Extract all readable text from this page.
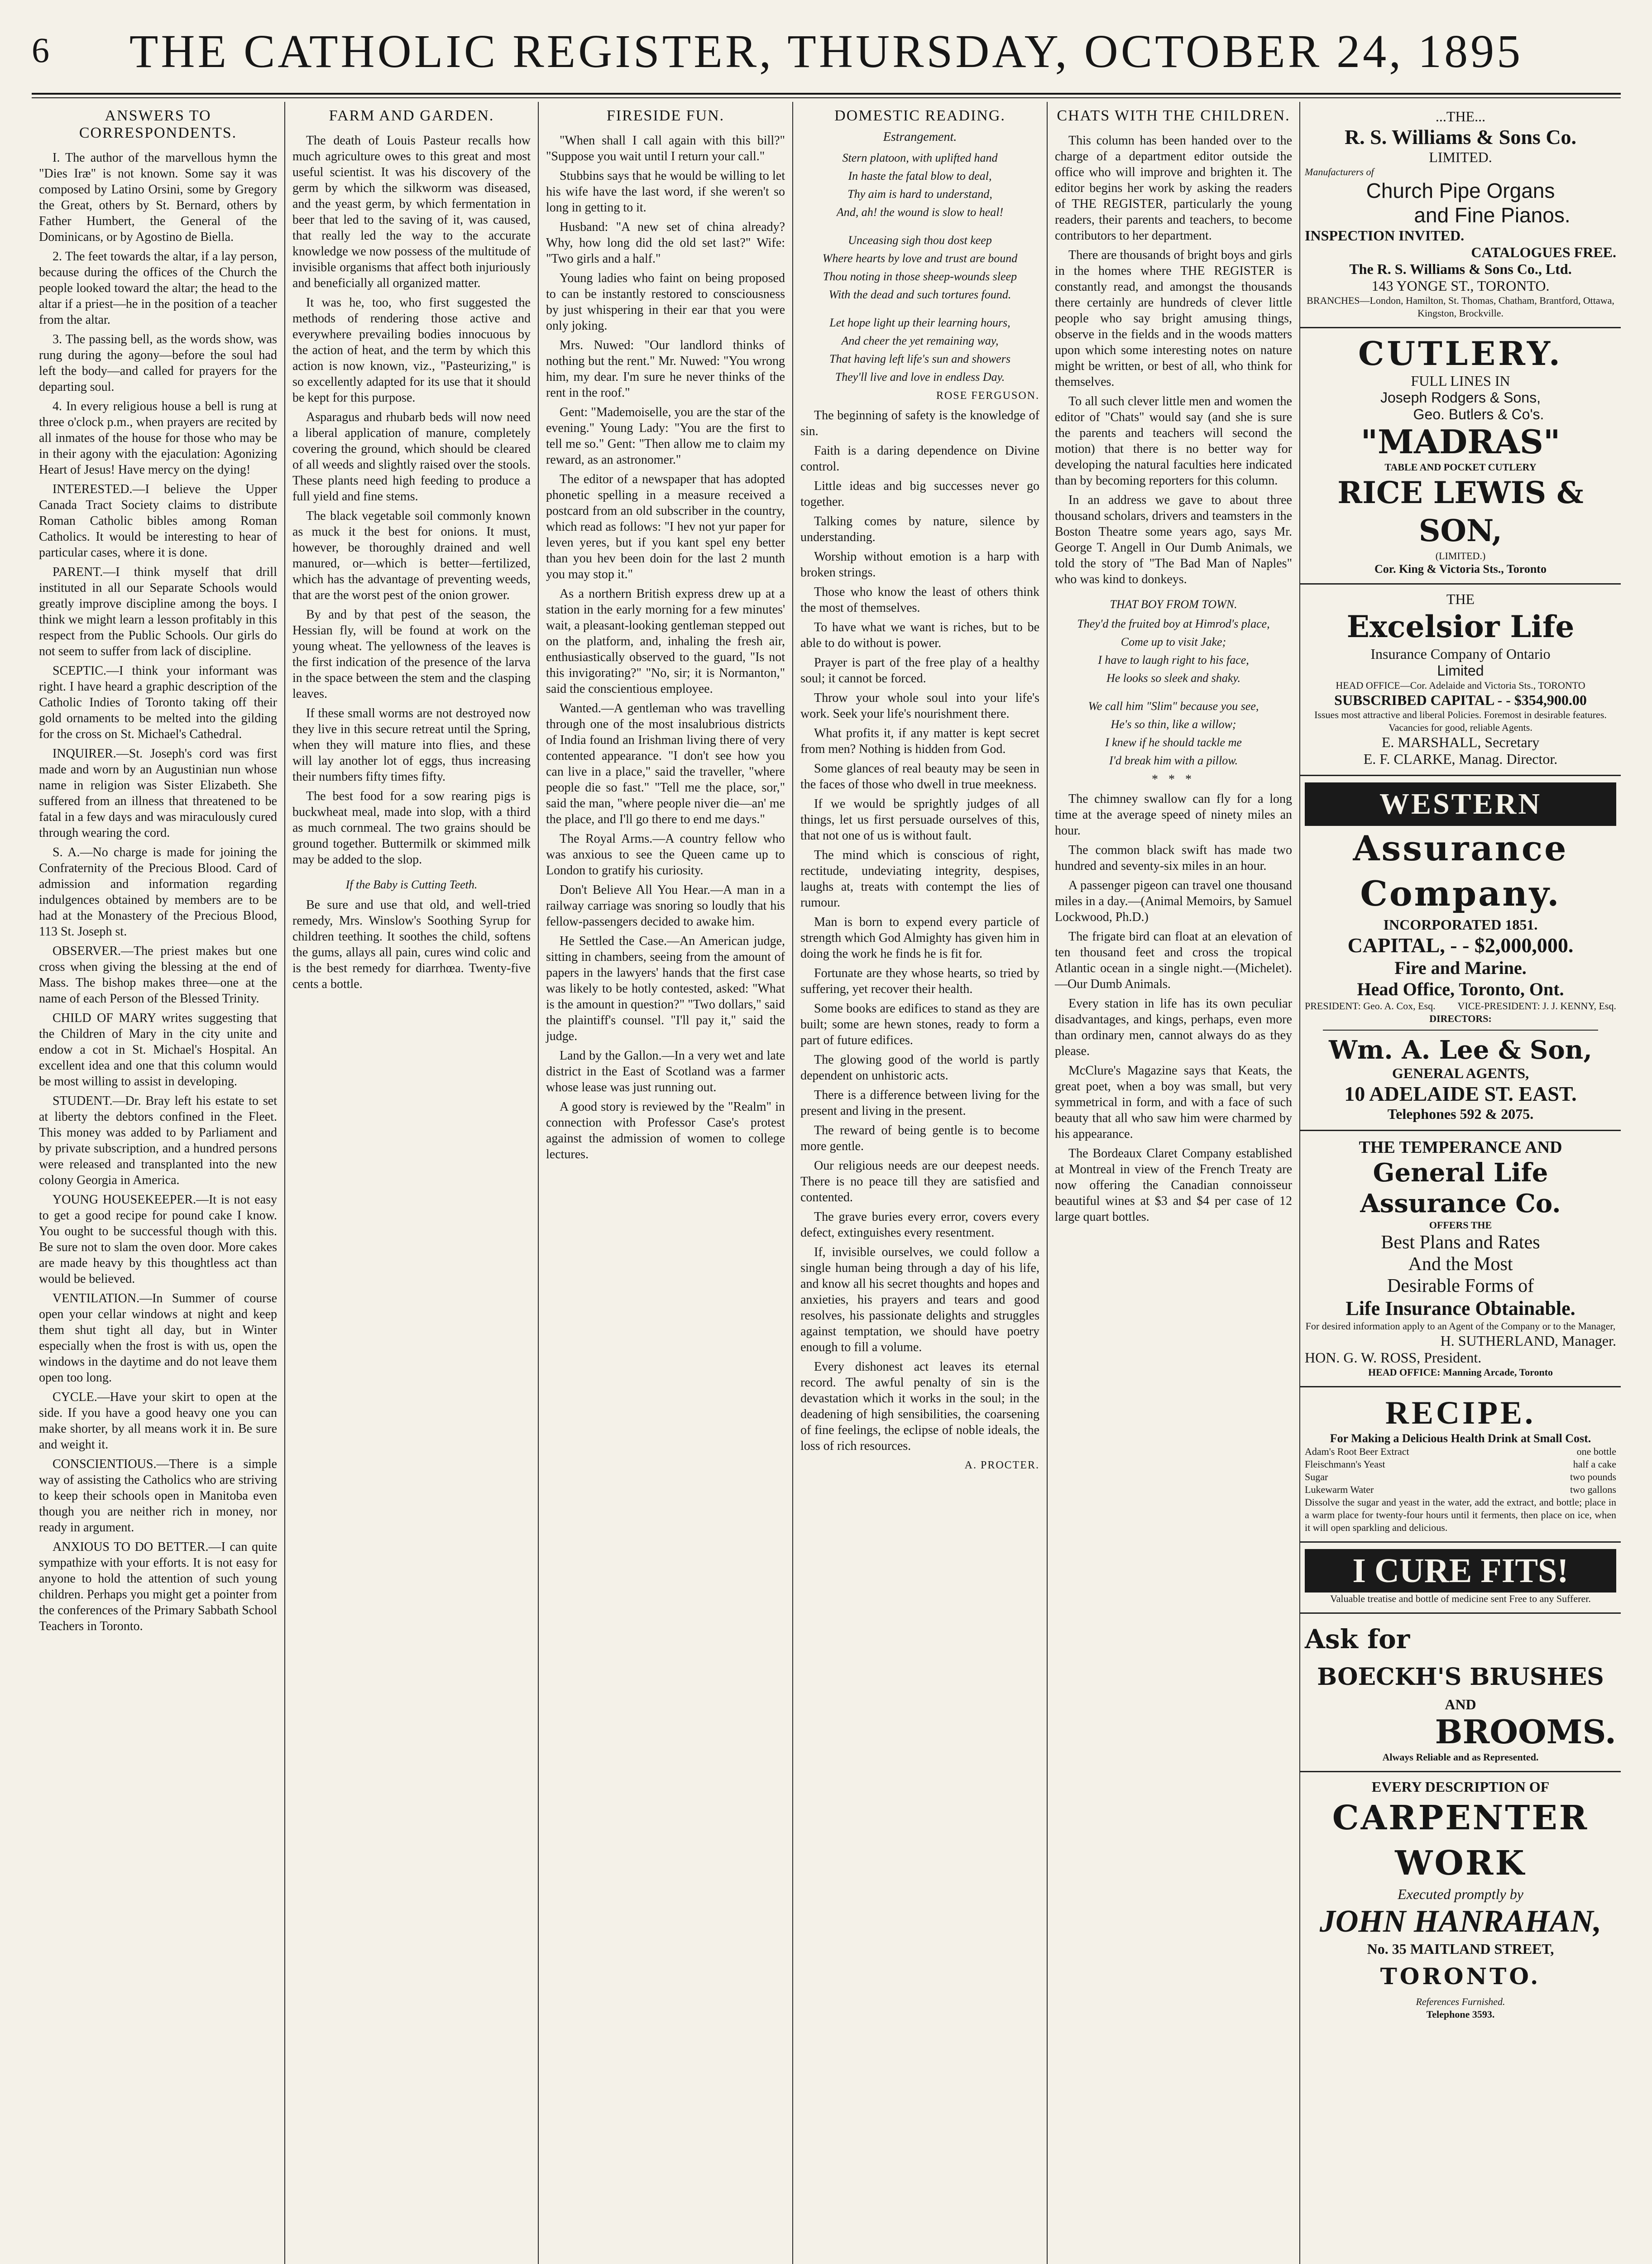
6	THE CATHOLIC REGISTER, THURSDAY, OCTOBER 24, 1895
ANSWERS TO CORRESPONDENTS.

I. The author of the marvellous hymn the "Dies Iræ" is not known. Some say it was composed by Latino Orsini, some by Gregory the Great, others by St. Bernard, others by Father Humbert, the General of the Dominicans, or by Agostino de Biella.

2. The feet towards the altar, if a lay person, because during the offices of the Church the people looked toward the altar; the head to the altar if a priest—he in the position of a teacher from the altar.

3. The passing bell, as the words show, was rung during the agony—before the soul had left the body—and called for prayers for the departing soul.

4. In every religious house a bell is rung at three o'clock p.m., when prayers are recited by all inmates of the house for those who may be in their agony with the ejaculation: Agonizing Heart of Jesus! Have mercy on the dying!

INTERESTED.—I believe the Upper Canada Tract Society claims to distribute Roman Catholic bibles among Roman Catholics. It would be interesting to hear of particular cases, where it is done.

PARENT.—I think myself that drill instituted in all our Separate Schools would greatly improve discipline among the boys. I think we might learn a lesson profitably in this respect from the Public Schools. Our girls do not seem to suffer from lack of discipline.

SCEPTIC.—I think your informant was right. I have heard a graphic description of the Catholic Indies of Toronto taking off their gold ornaments to be melted into the gilding for the cross on St. Michael's Cathedral.

INQUIRER.—St. Joseph's cord was first made and worn by an Augustinian nun whose name in religion was Sister Elizabeth. She suffered from an illness that threatened to be fatal in a few days and was miraculously cured through wearing the cord.

S. A.—No charge is made for joining the Confraternity of the Precious Blood. Card of admission and information regarding indulgences obtained by members are to be had at the Monastery of the Precious Blood, 113 St. Joseph st.

OBSERVER.—The priest makes but one cross when giving the blessing at the end of Mass. The bishop makes three—one at the name of each Person of the Blessed Trinity.

CHILD OF MARY writes suggesting that the Children of Mary in the city unite and endow a cot in St. Michael's Hospital. An excellent idea and one that this column would be most willing to assist in developing.

STUDENT.—Dr. Bray left his estate to set at liberty the debtors confined in the Fleet. This money was added to by Parliament and by private subscription, and a hundred persons were released and transplanted into the new colony Georgia in America.

YOUNG HOUSEKEEPER.—It is not easy to get a good recipe for pound cake I know. You ought to be successful though with this. Be sure not to slam the oven door. More cakes are made heavy by this thoughtless act than would be believed.

VENTILATION.—In Summer of course open your cellar windows at night and keep them shut tight all day, but in Winter especially when the frost is with us, open the windows in the daytime and do not leave them open too long.

CYCLE.—Have your skirt to open at the side. If you have a good heavy one you can make shorter, by all means work it in. Be sure and weight it.

CONSCIENTIOUS.—There is a simple way of assisting the Catholics who are striving to keep their schools open in Manitoba even though you are neither rich in money, nor ready in argument.

ANXIOUS TO DO BETTER.—I can quite sympathize with your efforts. It is not easy for anyone to hold the attention of such young children. Perhaps you might get a pointer from the conferences of the Primary Sabbath School Teachers in Toronto.

FARM AND GARDEN.

The death of Louis Pasteur recalls how much agriculture owes to this great and most useful scientist. It was his discovery of the germ by which the silkworm was diseased, and the yeast germ, by which fermentation in beer that led to the saving of it, was caused, that really led the way to the accurate knowledge we now possess of the multitude of invisible organisms that affect both injuriously and beneficially all organized matter.

It was he, too, who first suggested the methods of rendering those active and everywhere prevailing bodies innocuous by the action of heat, and the term by which this action is now known, viz., "Pasteurizing," is so excellently adapted for its use that it should be kept for this purpose.

Asparagus and rhubarb beds will now need a liberal application of manure, completely covering the ground, which should be cleared of all weeds and slightly raised over the stools. These plants need high feeding to produce a full yield and fine stems.

The black vegetable soil commonly known as muck it the best for onions. It must, however, be thoroughly drained and well manured, or—which is better—fertilized, which has the advantage of preventing weeds, that are the worst pest of the onion grower.

By and by that pest of the season, the Hessian fly, will be found at work on the young wheat. The yellowness of the leaves is the first indication of the presence of the larva in the space between the stem and the clasping leaves.

If these small worms are not destroyed now they live in this secure retreat until the Spring, when they will mature into flies, and these will lay another lot of eggs, thus increasing their numbers fifty times fifty.

The best food for a sow rearing pigs is buckwheat meal, made into slop, with a third as much cornmeal. The two grains should be ground together. Buttermilk or skimmed milk may be added to the slop.

If the Baby is Cutting Teeth.

Be sure and use that old, and well-tried remedy, Mrs. Winslow's Soothing Syrup for children teething. It soothes the child, softens the gums, allays all pain, cures wind colic and is the best remedy for diarrhœa. Twenty-five cents a bottle.

FIRESIDE FUN.

"When shall I call again with this bill?" "Suppose you wait until I return your call."

Stubbins says that he would be willing to let his wife have the last word, if she weren't so long in getting to it.

Husband: "A new set of china already? Why, how long did the old set last?" Wife: "Two girls and a half."

Young ladies who faint on being proposed to can be instantly restored to consciousness by just whispering in their ear that you were only joking.

Mrs. Nuwed: "Our landlord thinks of nothing but the rent." Mr. Nuwed: "You wrong him, my dear. I'm sure he never thinks of the rent in the roof."

Gent: "Mademoiselle, you are the star of the evening." Young Lady: "You are the first to tell me so." Gent: "Then allow me to claim my reward, as an astronomer."

The editor of a newspaper that has adopted phonetic spelling in a measure received a postcard from an old subscriber in the country, which read as follows: "I hev not yur paper for leven yeres, but if you kant spel eny better than you hev been doin for the last 2 munth you may stop it."

As a northern British express drew up at a station in the early morning for a few minutes' wait, a pleasant-looking gentleman stepped out on the platform, and, inhaling the fresh air, enthusiastically observed to the guard, "Is not this invigorating?" "No, sir; it is Normanton," said the conscientious employee.

Wanted.—A gentleman who was travelling through one of the most insalubrious districts of India found an Irishman living there of very contented appearance. "I don't see how you can live in a place," said the traveller, "where people die so fast." "Tell me the place, sor," said the man, "where people niver die—an' me the place, and I'll go there to end me days."

The Royal Arms.—A country fellow who was anxious to see the Queen came up to London to gratify his curiosity.

Don't Believe All You Hear.—A man in a railway carriage was snoring so loudly that his fellow-passengers decided to awake him.

He Settled the Case.—An American judge, sitting in chambers, seeing from the amount of papers in the lawyers' hands that the first case was likely to be hotly contested, asked: "What is the amount in question?" "Two dollars," said the plaintiff's counsel. "I'll pay it," said the judge.

Land by the Gallon.—In a very wet and late district in the East of Scotland was a farmer whose lease was just running out.

A good story is reviewed by the "Realm" in connection with Professor Case's protest against the admission of women to college lectures.

DOMESTIC READING.
Estrangement.

Stern platoon, with uplifted hand

In haste the fatal blow to deal,

Thy aim is hard to understand,

And, ah! the wound is slow to heal!

Unceasing sigh thou dost keep

Where hearts by love and trust are bound

Thou noting in those sheep-wounds sleep

With the dead and such tortures found.

Let hope light up their learning hours,

And cheer the yet remaining way,

That having left life's sun and showers

They'll live and love in endless Day.

ROSE FERGUSON.

The beginning of safety is the knowledge of sin.

Faith is a daring dependence on Divine control.

Little ideas and big successes never go together.

Talking comes by nature, silence by understanding.

Worship without emotion is a harp with broken strings.

Those who know the least of others think the most of themselves.

To have what we want is riches, but to be able to do without is power.

Prayer is part of the free play of a healthy soul; it cannot be forced.

Throw your whole soul into your life's work. Seek your life's nourishment there.

What profits it, if any matter is kept secret from men? Nothing is hidden from God.

Some glances of real beauty may be seen in the faces of those who dwell in true meekness.

If we would be sprightly judges of all things, let us first persuade ourselves of this, that not one of us is without fault.

The mind which is conscious of right, rectitude, undeviating integrity, despises, laughs at, treats with contempt the lies of rumour.

Man is born to expend every particle of strength which God Almighty has given him in doing the work he finds he is fit for.

Fortunate are they whose hearts, so tried by suffering, yet recover their health.

Some books are edifices to stand as they are built; some are hewn stones, ready to form a part of future edifices.

The glowing good of the world is partly dependent on unhistoric acts.

There is a difference between living for the present and living in the present.

The reward of being gentle is to become more gentle.

Our religious needs are our deepest needs. There is no peace till they are satisfied and contented.

The grave buries every error, covers every defect, extinguishes every resentment.

If, invisible ourselves, we could follow a single human being through a day of his life, and know all his secret thoughts and hopes and anxieties, his prayers and tears and good resolves, his passionate delights and struggles against temptation, we should have poetry enough to fill a volume.

Every dishonest act leaves its eternal record. The awful penalty of sin is the devastation which it works in the soul; in the deadening of high sensibilities, the coarsening of fine feelings, the eclipse of noble ideals, the loss of rich resources.

A. PROCTER.

CHATS WITH THE CHILDREN.

This column has been handed over to the charge of a department editor outside the office who will improve and brighten it. The editor begins her work by asking the readers of THE REGISTER, particularly the young readers, their parents and teachers, to become contributors to her department.

There are thousands of bright boys and girls in the homes where THE REGISTER is constantly read, and amongst the thousands there certainly are hundreds of clever little people who say bright amusing things, observe in the fields and in the woods matters upon which some interesting notes on nature might be written, or best of all, who think for themselves.

To all such clever little men and women the editor of "Chats" would say (and she is sure the parents and teachers will second the motion) that there is no better way for developing the natural faculties here indicated than by becoming reporters for this column.

In an address we gave to about three thousand scholars, drivers and teamsters in the Boston Theatre some years ago, says Mr. George T. Angell in Our Dumb Animals, we told the story of "The Bad Man of Naples" who was kind to donkeys.

THAT BOY FROM TOWN.

They'd the fruited boy at Himrod's place,

Come up to visit Jake;

I have to laugh right to his face,

He looks so sleek and shaky.

We call him "Slim" because you see,

He's so thin, like a willow;

I knew if he should tackle me

I'd break him with a pillow.

* * *

The chimney swallow can fly for a long time at the average speed of ninety miles an hour.

The common black swift has made two hundred and seventy-six miles in an hour.

A passenger pigeon can travel one thousand miles in a day.—(Animal Memoirs, by Samuel Lockwood, Ph.D.)

The frigate bird can float at an elevation of ten thousand feet and cross the tropical Atlantic ocean in a single night.—(Michelet).—Our Dumb Animals.

Every station in life has its own peculiar disadvantages, and kings, perhaps, even more than ordinary men, cannot always do as they please.

McClure's Magazine says that Keats, the great poet, when a boy was small, but very symmetrical in form, and with a face of such beauty that all who saw him were charmed by his appearance.

The Bordeaux Claret Company established at Montreal in view of the French Treaty are now offering the Canadian connoisseur beautiful wines at $3 and $4 per case of 12 large quart bottles.

...THE...
R. S. Williams & Sons Co.
LIMITED.
Manufacturers of
Church Pipe Organs
and Fine Pianos.
INSPECTION INVITED.
CATALOGUES FREE.
The R. S. Williams & Sons Co., Ltd.
143 YONGE ST., TORONTO.
BRANCHES—London, Hamilton, St. Thomas, Chatham, Brantford, Ottawa, Kingston, Brockville.
CUTLERY.
FULL LINES IN
Joseph Rodgers & Sons,
Geo. Butlers & Co's.
"MADRAS"
TABLE AND POCKET CUTLERY
RICE LEWIS & SON,
(LIMITED.)
Cor. King & Victoria Sts., Toronto
THE
Excelsior Life
Insurance Company of Ontario
Limited
HEAD OFFICE—Cor. Adelaide and Victoria Sts., TORONTO
SUBSCRIBED CAPITAL - - $354,900.00
Issues most attractive and liberal Policies. Foremost in desirable features. Vacancies for good, reliable Agents.
E. MARSHALL, Secretary
E. F. CLARKE, Manag. Director.
WESTERN
Assurance Company.
INCORPORATED 1851.
CAPITAL, - - $2,000,000.
Fire and Marine.
Head Office, Toronto, Ont.
PRESIDENT: Geo. A. Cox, Esq. VICE-PRESIDENT: J. J. KENNY, Esq.
DIRECTORS:
Wm. A. Lee & Son,
GENERAL AGENTS,
10 ADELAIDE ST. EAST.
Telephones 592 & 2075.
THE TEMPERANCE AND
General Life Assurance Co.
OFFERS THE
Best Plans and Rates
And the Most
Desirable Forms of
Life Insurance Obtainable.
For desired information apply to an Agent of the Company or to the Manager,
H. SUTHERLAND, Manager.
HON. G. W. ROSS, President.
HEAD OFFICE: Manning Arcade, Toronto
RECIPE.
For Making a Delicious Health Drink at Small Cost.
Adam's Root Beer Extract	one bottle
Fleischmann's Yeast	half a cake
Sugar	two pounds
Lukewarm Water	two gallons
Dissolve the sugar and yeast in the water, add the extract, and bottle; place in a warm place for twenty-four hours until it ferments, then place on ice, when it will open sparkling and delicious.
I CURE FITS!
Valuable treatise and bottle of medicine sent Free to any Sufferer.
Ask for
BOECKH'S BRUSHES
AND
BROOMS.
Always Reliable and as Represented.
EVERY DESCRIPTION OF
CARPENTER WORK
Executed promptly by
JOHN HANRAHAN,
No. 35 MAITLAND STREET,
TORONTO.
References Furnished.
Telephone 3593.
